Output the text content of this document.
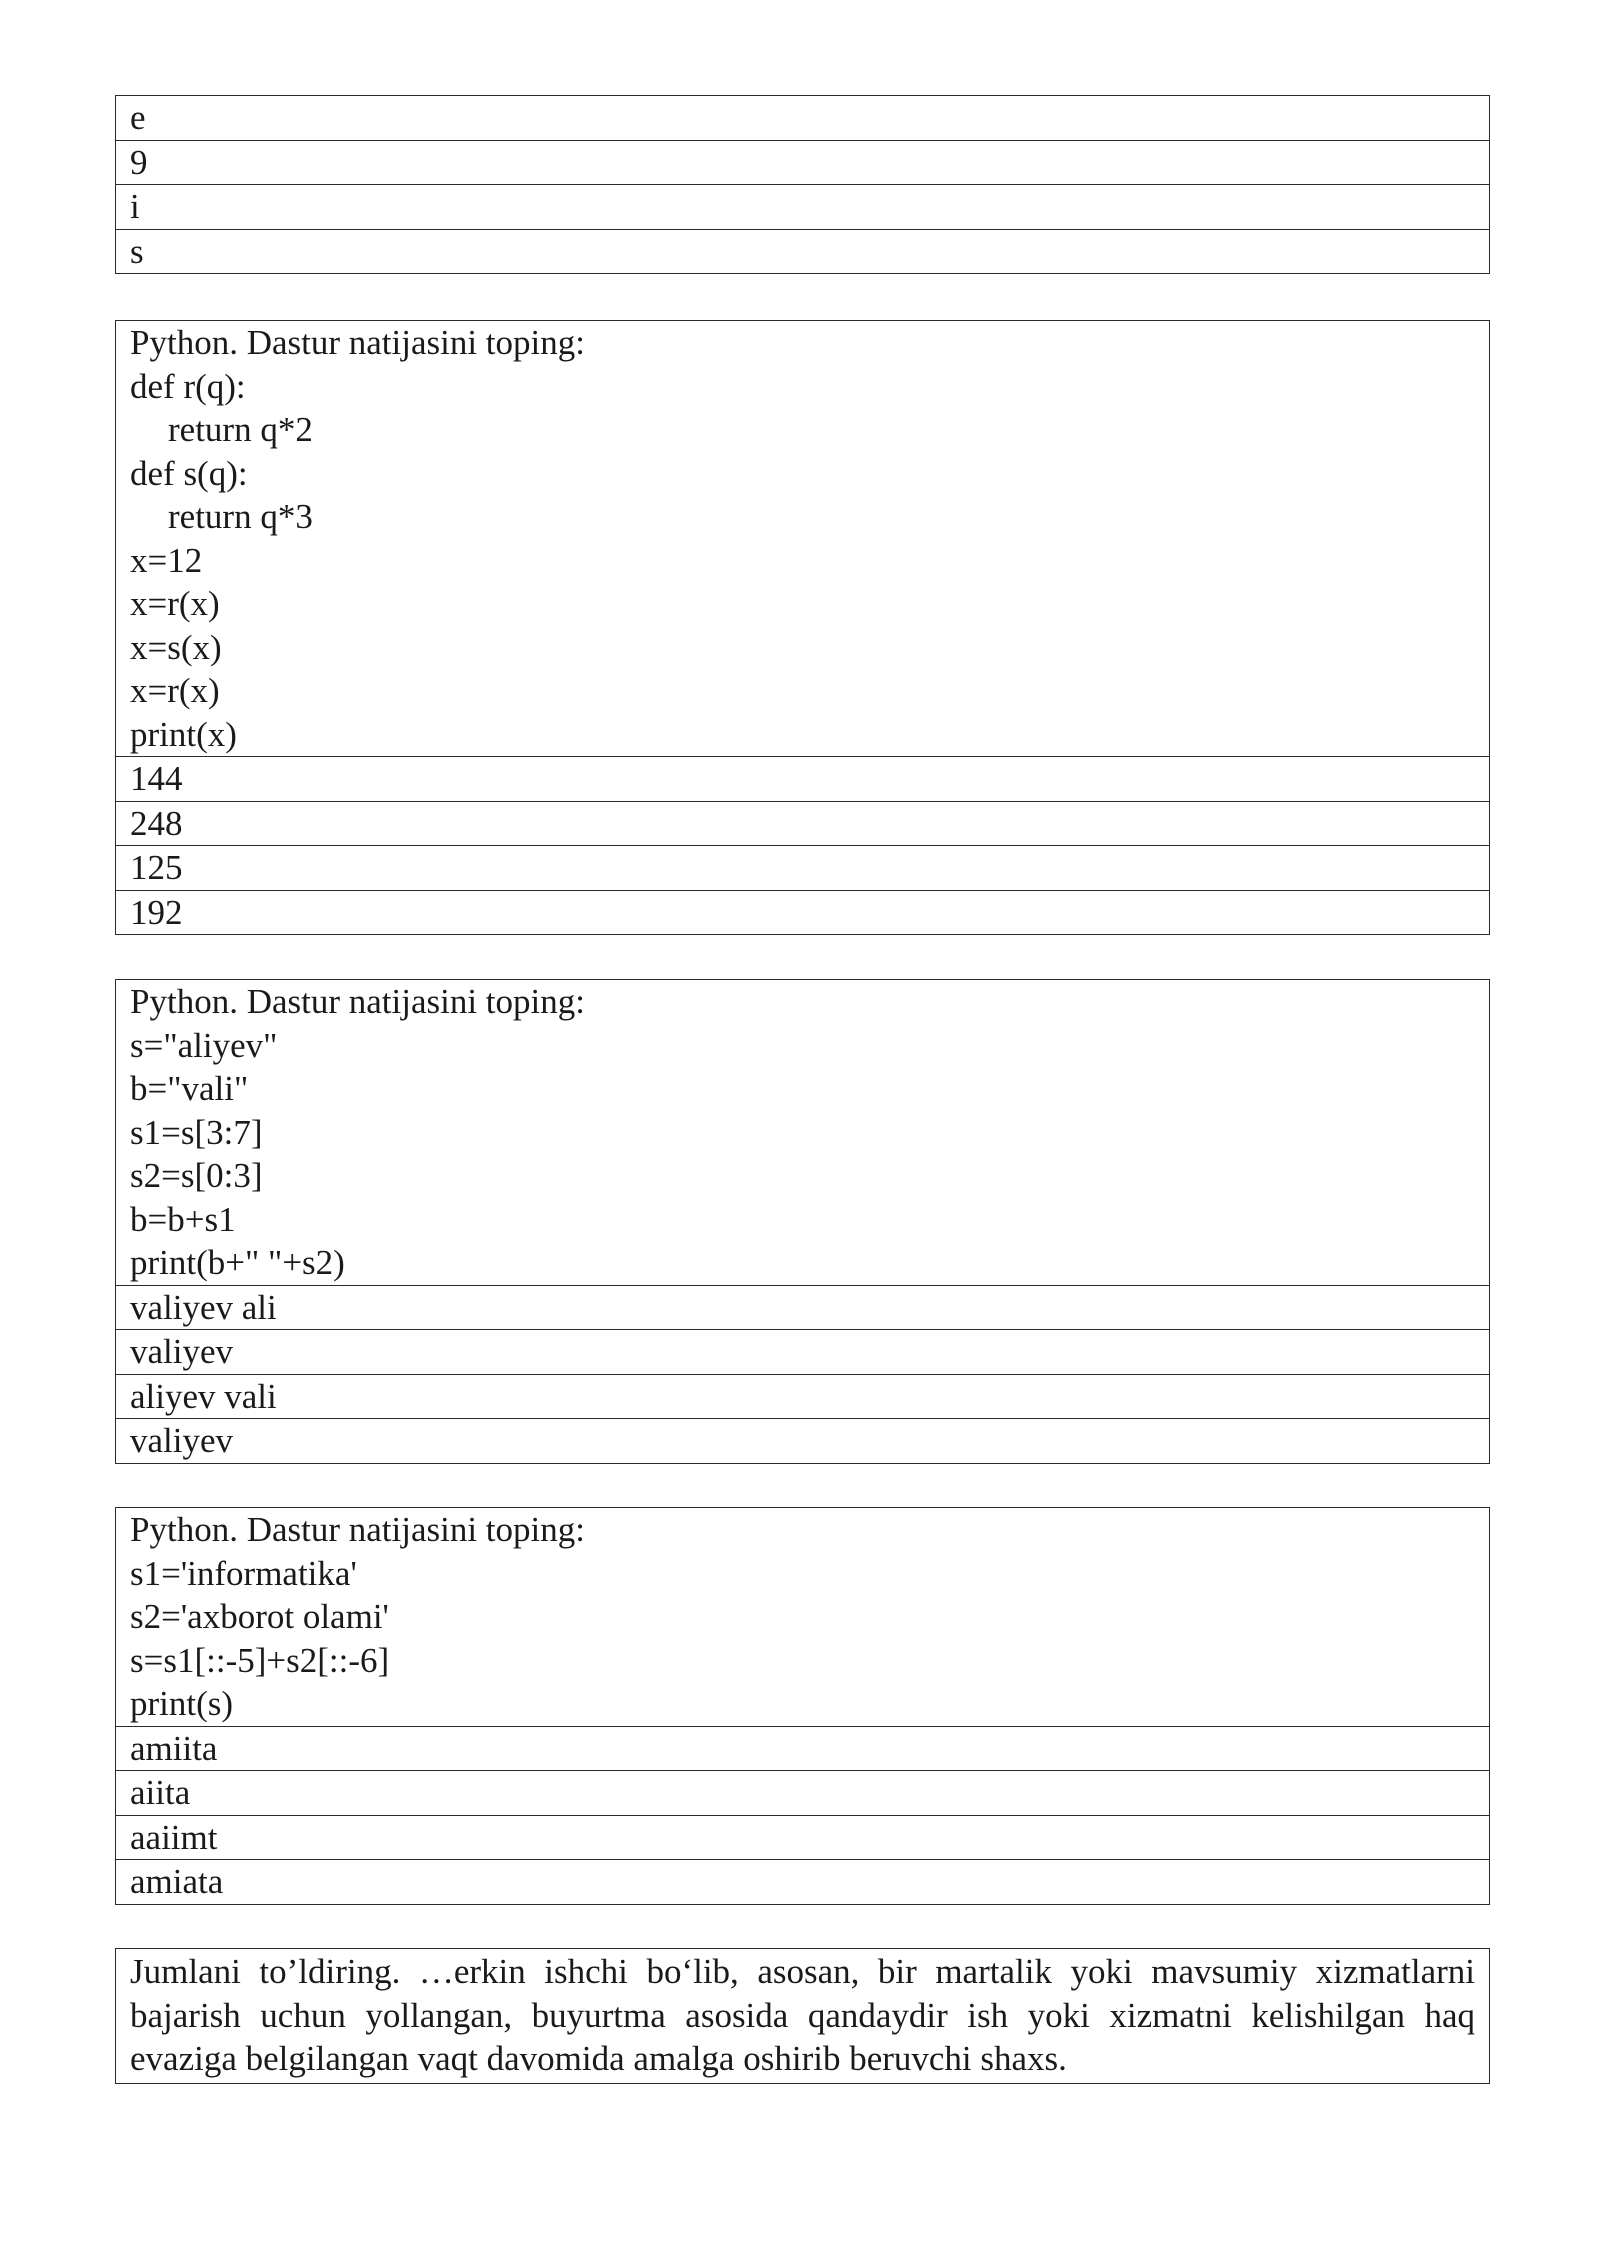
e
9
i
s
Python. Dastur natijasini toping:
def r(q):
return q*2
def s(q):
return q*3
x=12
x=r(x)
x=s(x)
x=r(x)
print(x)

144
248
125
192
Python. Dastur natijasini toping:
s="aliyev"
b="vali"
s1=s[3:7]
s2=s[0:3]
b=b+s1
print(b+" "+s2)

valiyev ali
valiyev
aliyev vali
valiyev
Python. Dastur natijasini toping:
s1='informatika'
s2='axborot olami'
s=s1[::-5]+s2[::-6]
print(s)

amiita
aiita
aaiimt
amiata
Jumlani to’ldiring. …erkin ishchi bo‘lib, asosan, bir martalik yoki mavsumiy xizmatlarni bajarish uchun yollangan, buyurtma asosida qandaydir ish yoki xizmatni kelishilgan haq evaziga belgilangan vaqt davomida amalga oshirib beruvchi shaxs.
